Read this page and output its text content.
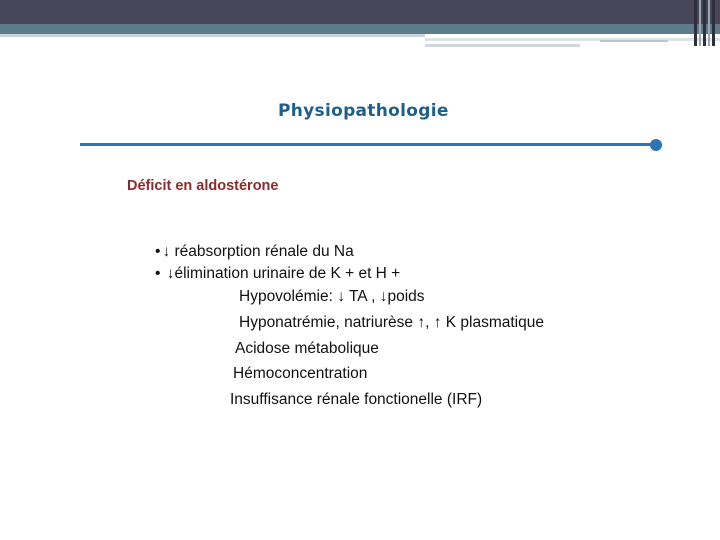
Physiopathologie
Déficit en aldostérone
• ↓ réabsorption rénale du Na
• ↓élimination urinaire de K + et H +
Hypovolémie: ↓ TA , ↓poids
Hyponatrémie, natriurèse ↑, ↑ K plasmatique
Acidose métabolique
Hémoconcentration
Insuffisance rénale fonctionelle (IRF)
